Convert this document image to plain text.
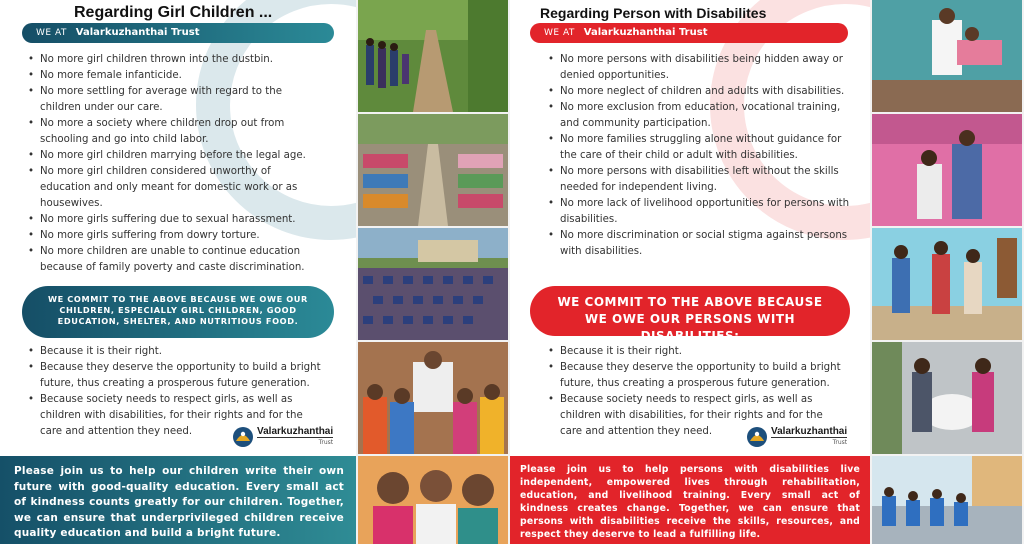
Regarding Girl Children ...
WE AT Valarkuzhanthai Trust
• No more girl children thrown into the dustbin.
• No more female infanticide.
• No more settling for average with regard to the children under our care.
• No more a society where children drop out from schooling and go into child labor.
• No more girl children marrying before the legal age.
• No more girl children considered unworthy of education and only meant for domestic work or as housewives.
• No more girls suffering due to sexual harassment.
• No more girls suffering from dowry torture.
• No more children are unable to continue education because of family poverty and caste discrimination.
WE COMMIT TO THE ABOVE BECAUSE WE OWE OUR CHILDREN, ESPECIALLY GIRL CHILDREN, GOOD EDUCATION, SHELTER, AND NUTRITIOUS FOOD.
• Because it is their right.
• Because they deserve the opportunity to build a bright future, thus creating a prosperous future generation.
• Because society needs to respect girls, as well as children with disabilities, for their rights and for the care and attention they need.	Valarkuzhanthai
Trust
Please join us to help our children write their own future with good-quality education. Every small act of kindness counts greatly for our children. Together, we can ensure that underprivileged children receive quality education and build a bright future.
Regarding Person with Disabilites
WE AT Valarkuzhanthai Trust
• No more persons with disabilities being hidden away or denied opportunities.
• No more neglect of children and adults with disabilities.
• No more exclusion from education, vocational training, and community participation.
• No more families struggling alone without guidance for the care of their child or adult with disabilities.
• No more persons with disabilities left without the skills needed for independent living.
• No more lack of livelihood opportunities for persons with disabilities.
• No more discrimination or social stigma against persons with disabilities.
WE COMMIT TO THE ABOVE BECAUSE WE OWE OUR PERSONS WITH DISABILITIES:
• Because it is their right.
• Because they deserve the opportunity to build a bright future, thus creating a prosperous future generation.
• Because society needs to respect girls, as well as children with disabilities, for their rights and for the care and attention they need.	Valarkuzhanthai
Trust
Please join us to help persons with disabilities live independent, empowered lives through rehabilitation, education, and livelihood training. Every small act of kindness creates change. Together, we can ensure that persons with disabilities receive the skills, resources, and respect they deserve to lead a fulfilling life.
